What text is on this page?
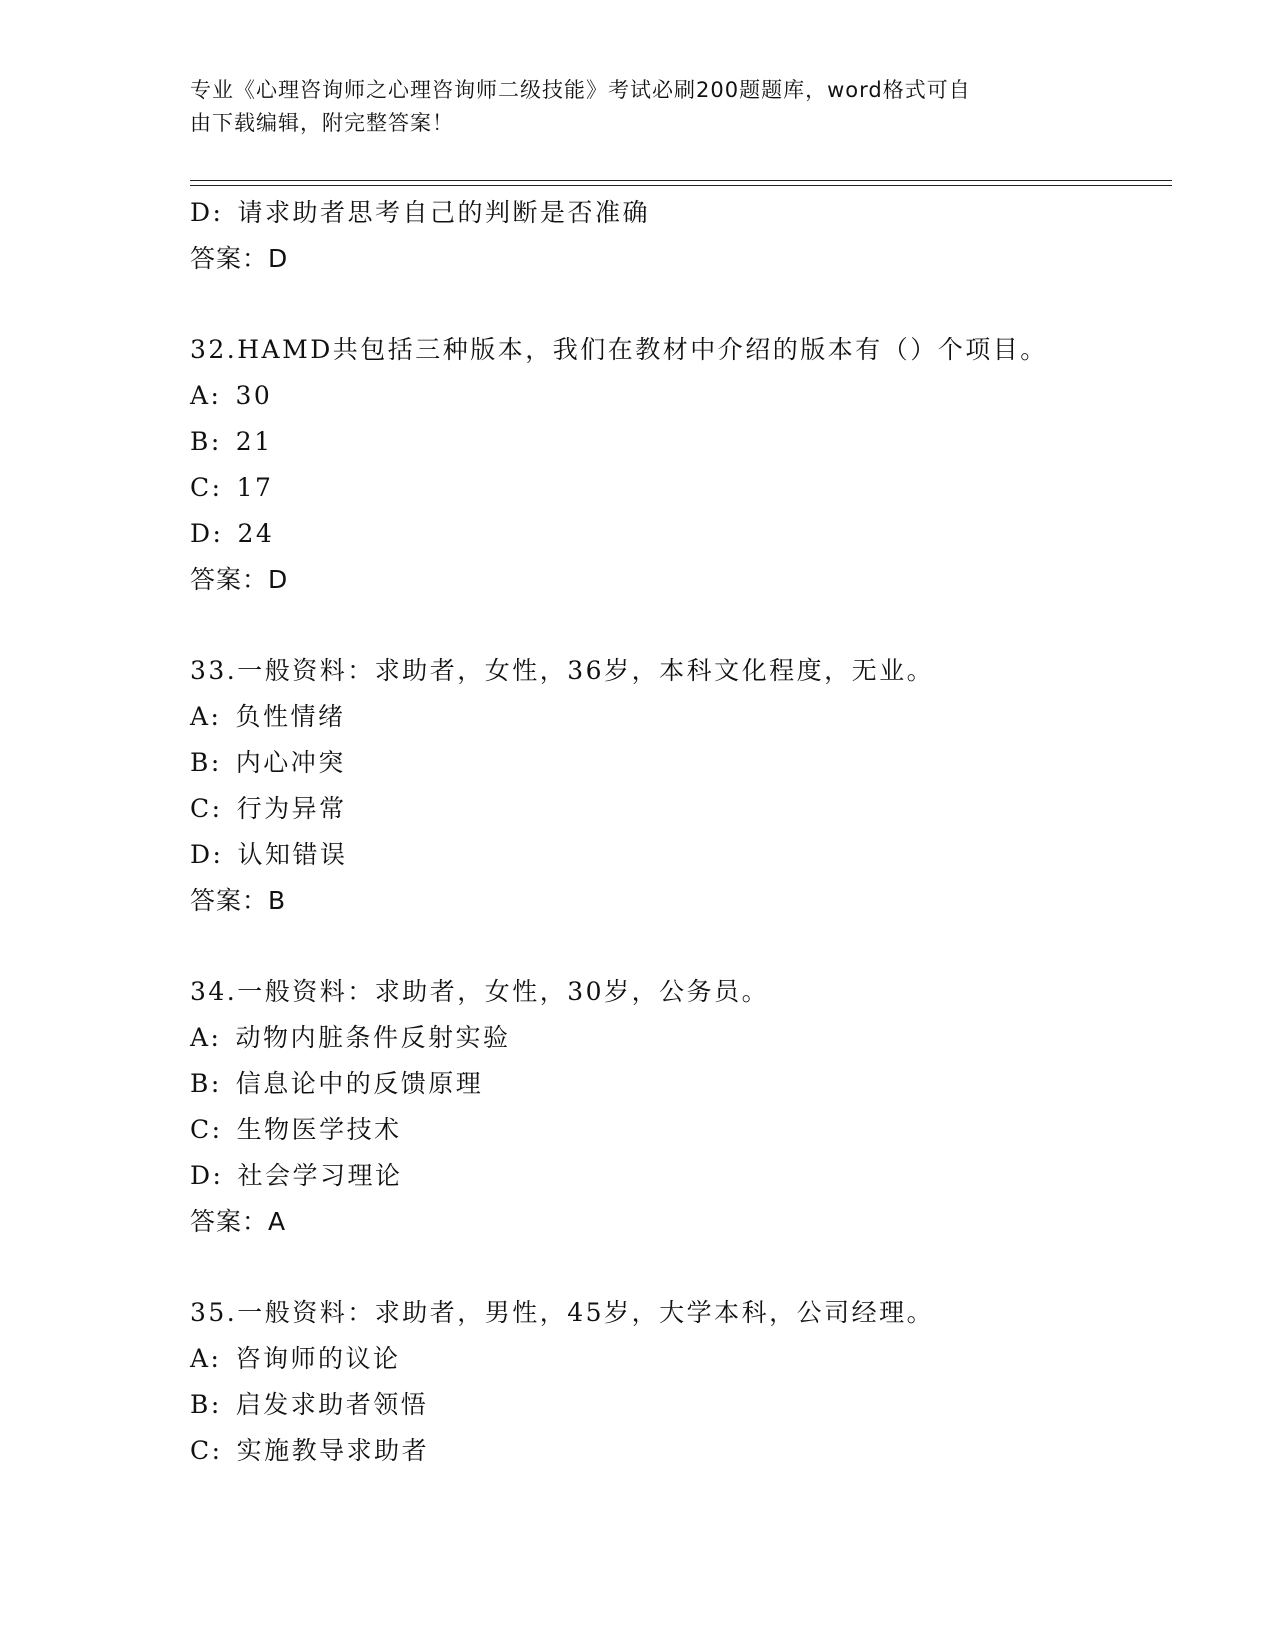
专业《心理咨询师之心理咨询师二级技能》考试必刷200题题库，word格式可自
由下载编辑，附完整答案！
D: 请求助者思考自己的判断是否准确
答案：D
32.HAMD共包括三种版本，我们在教材中介绍的版本有（）个项目。
A: 30
B: 21
C: 17
D: 24
答案：D
33.一般资料：求助者，女性，36岁，本科文化程度，无业。
A: 负性情绪
B: 内心冲突
C: 行为异常
D: 认知错误
答案：B
34.一般资料：求助者，女性，30岁，公务员。
A: 动物内脏条件反射实验
B: 信息论中的反馈原理
C: 生物医学技术
D: 社会学习理论
答案：A
35.一般资料：求助者，男性，45岁，大学本科，公司经理。
A: 咨询师的议论
B: 启发求助者领悟
C: 实施教导求助者
